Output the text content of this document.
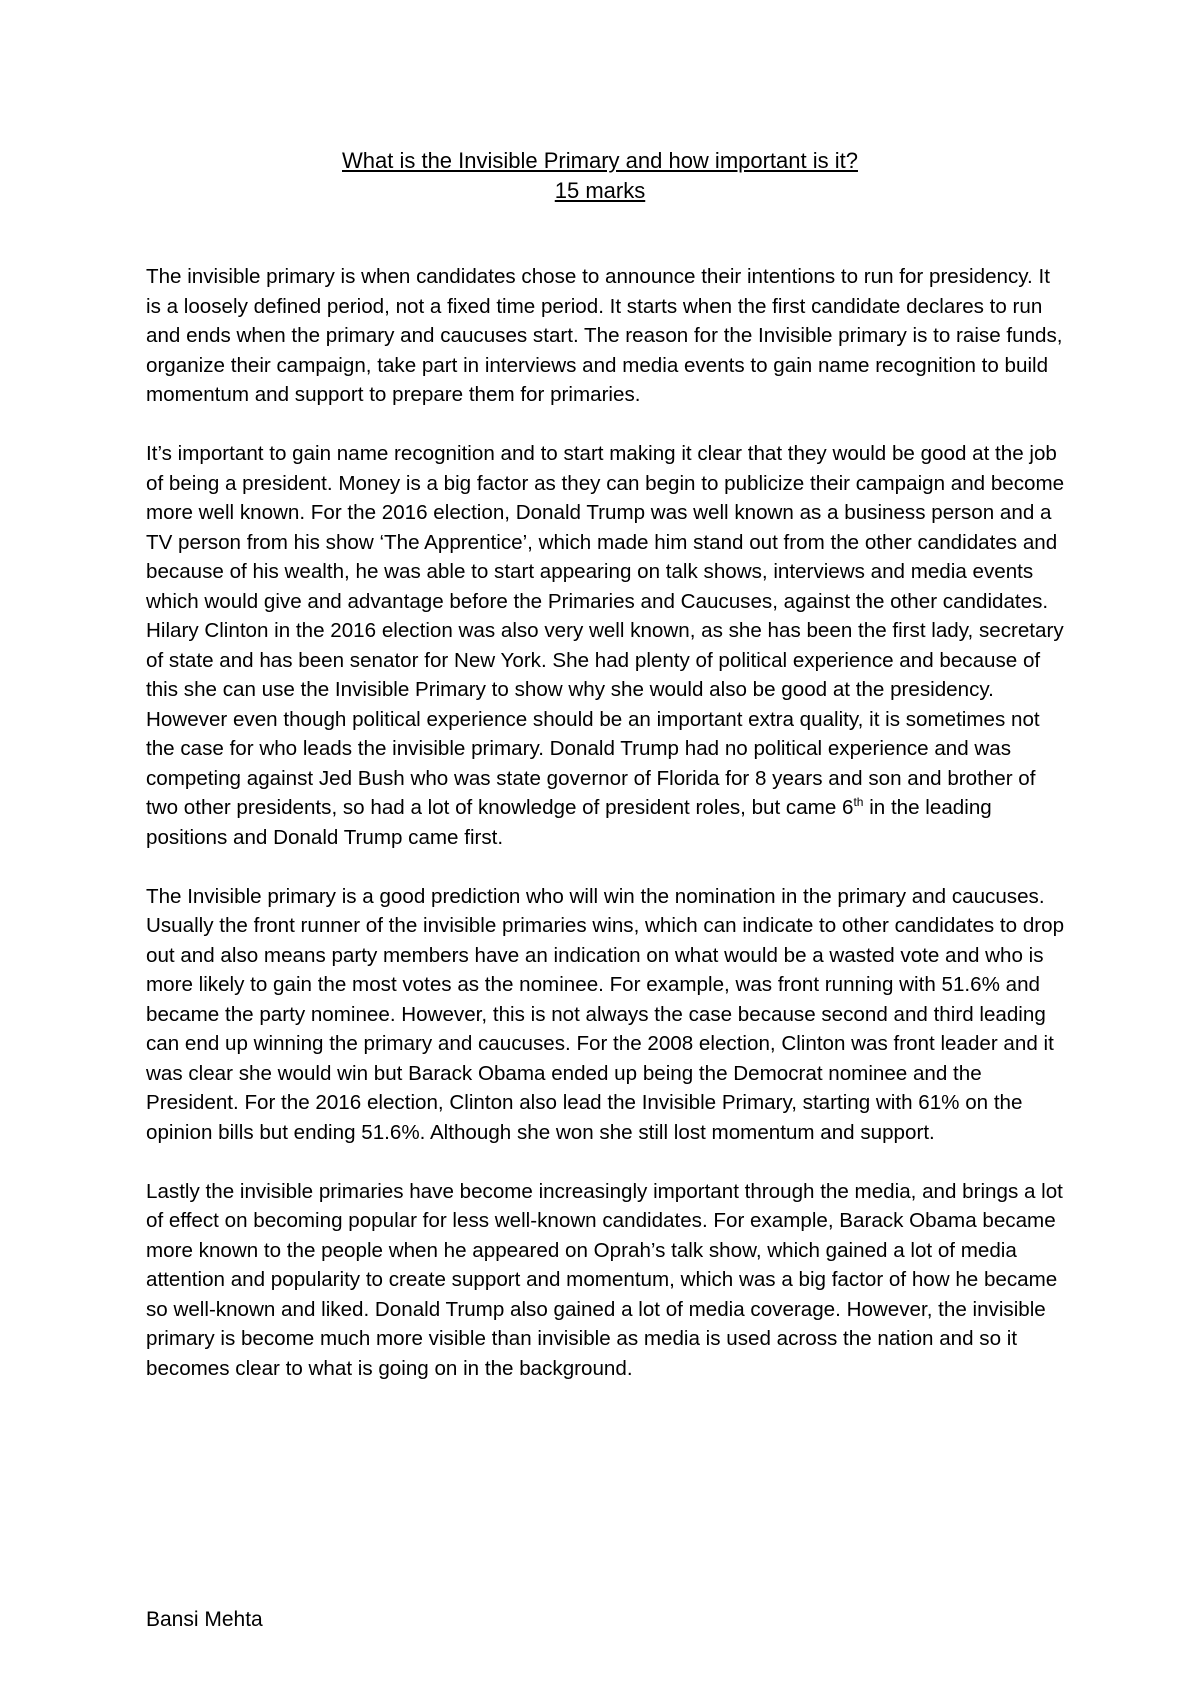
What is the Invisible Primary and how important is it?
15 marks

The invisible primary is when candidates chose to announce their intentions to run for presidency. It is a loosely defined period, not a fixed time period. It starts when the first candidate declares to run and ends when the primary and caucuses start. The reason for the Invisible primary is to raise funds, organize their campaign, take part in interviews and media events to gain name recognition to build momentum and support to prepare them for primaries.

It’s important to gain name recognition and to start making it clear that they would be good at the job of being a president. Money is a big factor as they can begin to publicize their campaign and become more well known. For the 2016 election, Donald Trump was well known as a business person and a TV person from his show ‘The Apprentice’, which made him stand out from the other candidates and because of his wealth, he was able to start appearing on talk shows, interviews and media events which would give and advantage before the Primaries and Caucuses, against the other candidates. Hilary Clinton in the 2016 election was also very well known, as she has been the first lady, secretary of state and has been senator for New York. She had plenty of political experience and because of this she can use the Invisible Primary to show why she would also be good at the presidency. However even though political experience should be an important extra quality, it is sometimes not the case for who leads the invisible primary. Donald Trump had no political experience and was competing against Jed Bush who was state governor of Florida for 8 years and son and brother of two other presidents, so had a lot of knowledge of president roles, but came 6th in the leading positions and Donald Trump came first.

The Invisible primary is a good prediction who will win the nomination in the primary and caucuses. Usually the front runner of the invisible primaries wins, which can indicate to other candidates to drop out and also means party members have an indication on what would be a wasted vote and who is more likely to gain the most votes as the nominee. For example, was front running with 51.6% and became the party nominee. However, this is not always the case because second and third leading can end up winning the primary and caucuses. For the 2008 election, Clinton was front leader and it was clear she would win but Barack Obama ended up being the Democrat nominee and the President. For the 2016 election, Clinton also lead the Invisible Primary, starting with 61% on the opinion bills but ending 51.6%. Although she won she still lost momentum and support.

Lastly the invisible primaries have become increasingly important through the media, and brings a lot of effect on becoming popular for less well-known candidates. For example, Barack Obama became more known to the people when he appeared on Oprah’s talk show, which gained a lot of media attention and popularity to create support and momentum, which was a big factor of how he became so well-known and liked. Donald Trump also gained a lot of media coverage. However, the invisible primary is become much more visible than invisible as media is used across the nation and so it becomes clear to what is going on in the background.

Bansi Mehta
